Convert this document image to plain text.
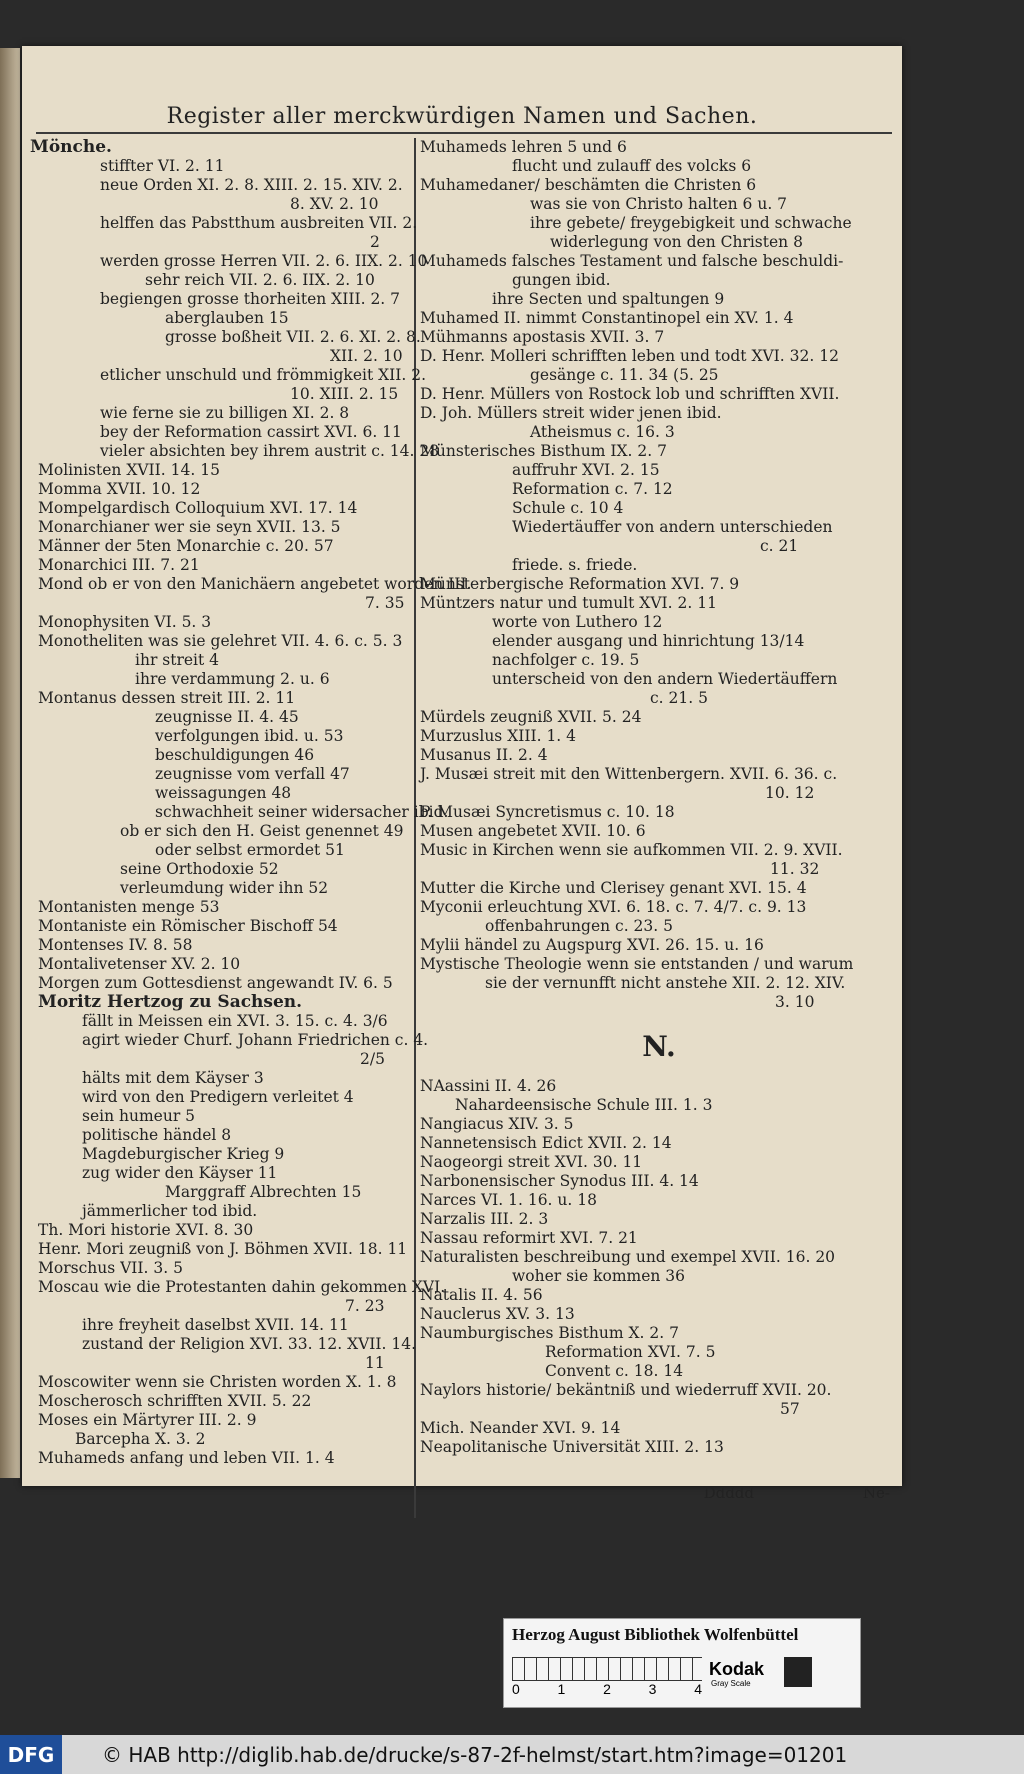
Register aller merckwürdigen Namen und Sachen.
Mönche.
stiffter VI. 2. 11
neue Orden XI. 2. 8. XIII. 2. 15. XIV. 2.
8. XV. 2. 10
helffen das Pabstthum ausbreiten VII. 2.
2
werden grosse Herren VII. 2. 6. IIX. 2. 10
sehr reich VII. 2. 6. IIX. 2. 10
begiengen grosse thorheiten XIII. 2. 7
aberglauben 15
grosse boßheit VII. 2. 6. XI. 2. 8.
XII. 2. 10
etlicher unschuld und frömmigkeit XII. 2.
10. XIII. 2. 15
wie ferne sie zu billigen XI. 2. 8
bey der Reformation cassirt XVI. 6. 11
vieler absichten bey ihrem austrit c. 14. 28
Molinisten XVII. 14. 15
Momma XVII. 10. 12
Mompelgardisch Colloquium XVI. 17. 14
Monarchianer wer sie seyn XVII. 13. 5
Männer der 5ten Monarchie c. 20. 57
Monarchici III. 7. 21
Mond ob er von den Manichäern angebetet worden III.
7. 35
Monophysiten VI. 5. 3
Monotheliten was sie gelehret VII. 4. 6. c. 5. 3
ihr streit 4
ihre verdammung 2. u. 6
Montanus dessen streit III. 2. 11
zeugnisse II. 4. 45
verfolgungen ibid. u. 53
beschuldigungen 46
zeugnisse vom verfall 47
weissagungen 48
schwachheit seiner widersacher ibid.
ob er sich den H. Geist genennet 49
oder selbst ermordet 51
seine Orthodoxie 52
verleumdung wider ihn 52
Montanisten menge 53
Montaniste ein Römischer Bischoff 54
Montenses IV. 8. 58
Montalivetenser XV. 2. 10
Morgen zum Gottesdienst angewandt IV. 6. 5
Moritz Hertzog zu Sachsen.
fällt in Meissen ein XVI. 3. 15. c. 4. 3/6
agirt wieder Churf. Johann Friedrichen c. 4.
2/5
hälts mit dem Käyser 3
wird von den Predigern verleitet 4
sein humeur 5
politische händel 8
Magdeburgischer Krieg 9
zug wider den Käyser 11
Marggraff Albrechten 15
jämmerlicher tod ibid.
Th. Mori historie XVI. 8. 30
Henr. Mori zeugniß von J. Böhmen XVII. 18. 11
Morschus VII. 3. 5
Moscau wie die Protestanten dahin gekommen XVI.
7. 23
ihre freyheit daselbst XVII. 14. 11
zustand der Religion XVI. 33. 12. XVII. 14.
11
Moscowiter wenn sie Christen worden X. 1. 8
Moscherosch schrifften XVII. 5. 22
Moses ein Märtyrer III. 2. 9
Barcepha X. 3. 2
Muhameds anfang und leben VII. 1. 4
Muhameds lehren 5 und 6
flucht und zulauff des volcks 6
Muhamedaner/ beschämten die Christen 6
was sie von Christo halten 6 u. 7
ihre gebete/ freygebigkeit und schwache
widerlegung von den Christen 8
Muhameds falsches Testament und falsche beschuldi-
gungen ibid.
ihre Secten und spaltungen 9
Muhamed II. nimmt Constantinopel ein XV. 1. 4
Mühmanns apostasis XVII. 3. 7
D. Henr. Molleri schrifften leben und todt XVI. 32. 12
gesänge c. 11. 34 (5. 25
D. Henr. Müllers von Rostock lob und schrifften XVII.
D. Joh. Müllers streit wider jenen ibid.
Atheismus c. 16. 3
Münsterisches Bisthum IX. 2. 7
auffruhr XVI. 2. 15
Reformation c. 7. 12
Schule c. 10 4
Wiedertäuffer von andern unterschieden
c. 21
friede. s. friede.
Münsterbergische Reformation XVI. 7. 9
Müntzers natur und tumult XVI. 2. 11
worte von Luthero 12
elender ausgang und hinrichtung 13/14
nachfolger c. 19. 5
unterscheid von den andern Wiedertäuffern
c. 21. 5
Mürdels zeugniß XVII. 5. 24
Murzuslus XIII. 1. 4
Musanus II. 2. 4
J. Musæi streit mit den Wittenbergern. XVII. 6. 36. c.
10. 12
P. Musæi Syncretismus c. 10. 18
Musen angebetet XVII. 10. 6
Music in Kirchen wenn sie aufkommen VII. 2. 9. XVII.
11. 32
Mutter die Kirche und Clerisey genant XVI. 15. 4
Myconii erleuchtung XVI. 6. 18. c. 7. 4/7. c. 9. 13
offenbahrungen c. 23. 5
Mylii händel zu Augspurg XVI. 26. 15. u. 16
Mystische Theologie wenn sie entstanden / und warum
sie der vernunfft nicht anstehe XII. 2. 12. XIV.
3. 10
N.
NAassini II. 4. 26
Nahardeensische Schule III. 1. 3
Nangiacus XIV. 3. 5
Nannetensisch Edict XVII. 2. 14
Naogeorgi streit XVI. 30. 11
Narbonensischer Synodus III. 4. 14
Narces VI. 1. 16. u. 18
Narzalis III. 2. 3
Nassau reformirt XVI. 7. 21
Naturalisten beschreibung und exempel XVII. 16. 20
woher sie kommen 36
Natalis II. 4. 56
Nauclerus XV. 3. 13
Naumburgisches Bisthum X. 2. 7
Reformation XVI. 7. 5
Convent c. 18. 14
Naylors historie/ bekäntniß und wiederruff XVII. 20.
57
Mich. Neander XVI. 9. 14
Neapolitanische Universität XIII. 2. 13
Ddddd	Ne-
Herzog August Bibliothek Wolfenbüttel
0	1	2	3	4
Kodak
Gray Scale
DFG	© HAB http://diglib.hab.de/drucke/s-87-2f-helmst/start.htm?image=01201
